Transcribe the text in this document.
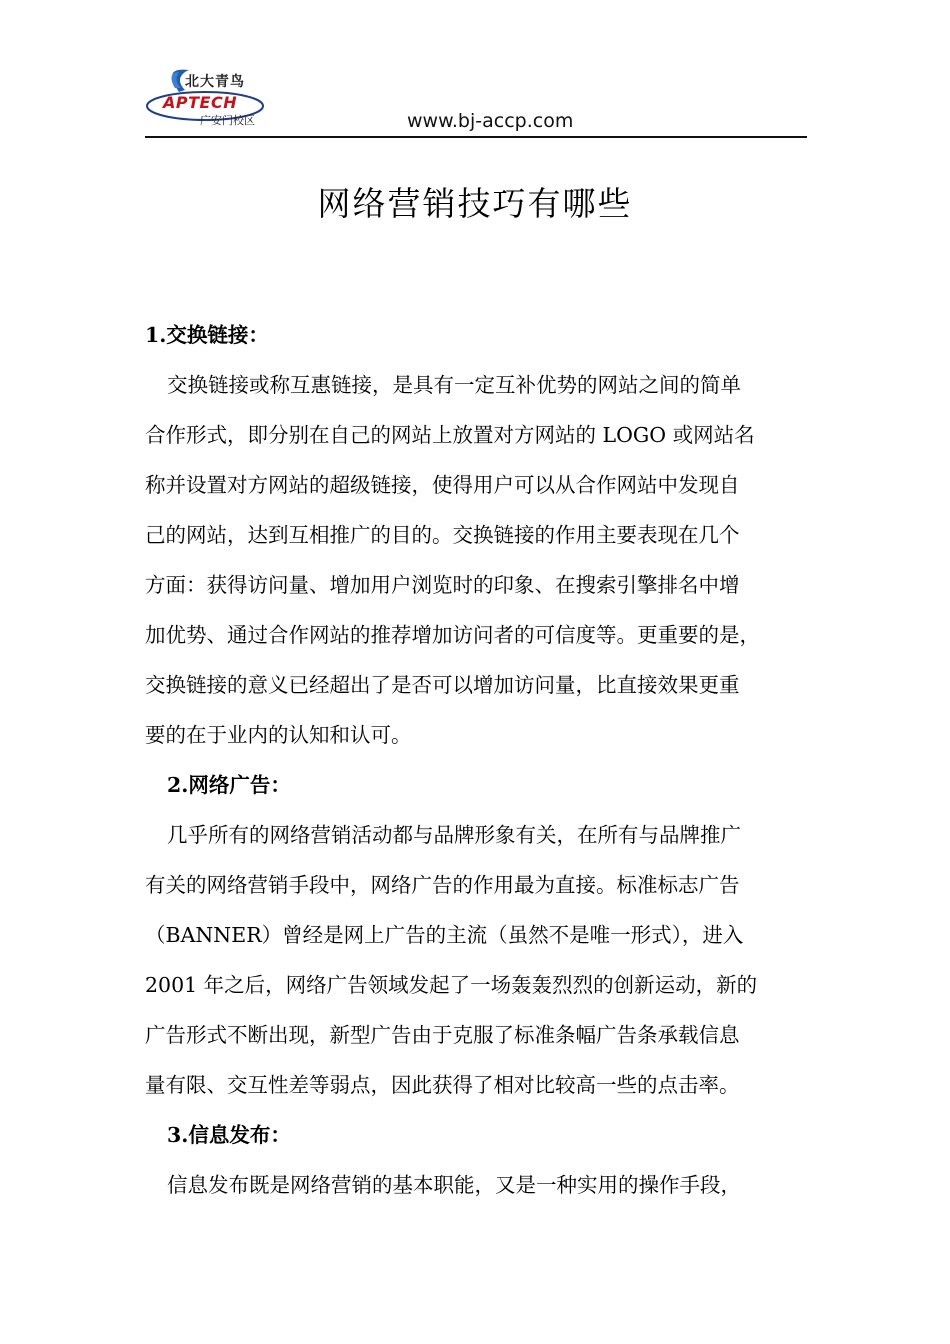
北大青鸟
APTECH
广安门校区	www.bj-accp.com
网络营销技巧有哪些
1.交换链接：
交换链接或称互惠链接，是具有一定互补优势的网站之间的简单
合作形式，即分别在自己的网站上放置对方网站的 LOGO 或网站名
称并设置对方网站的超级链接，使得用户可以从合作网站中发现自
己的网站，达到互相推广的目的。交换链接的作用主要表现在几个
方面：获得访问量、增加用户浏览时的印象、在搜索引擎排名中增
加优势、通过合作网站的推荐增加访问者的可信度等。更重要的是，
交换链接的意义已经超出了是否可以增加访问量，比直接效果更重
要的在于业内的认知和认可。
2.网络广告：
几乎所有的网络营销活动都与品牌形象有关，在所有与品牌推广
有关的网络营销手段中，网络广告的作用最为直接。标准标志广告
（BANNER）曾经是网上广告的主流（虽然不是唯一形式），进入
2001 年之后，网络广告领域发起了一场轰轰烈烈的创新运动，新的
广告形式不断出现，新型广告由于克服了标准条幅广告条承载信息
量有限、交互性差等弱点，因此获得了相对比较高一些的点击率。
3.信息发布：
信息发布既是网络营销的基本职能，又是一种实用的操作手段，
